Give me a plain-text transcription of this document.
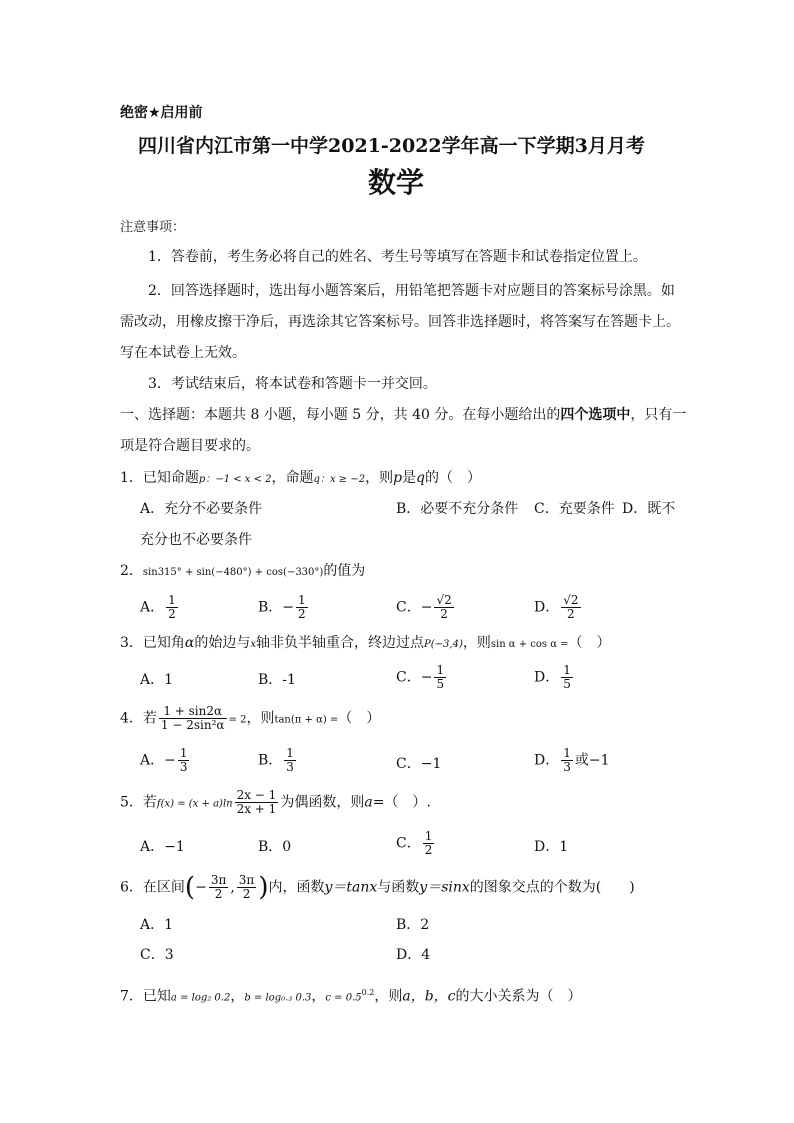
绝密★启用前
四川省内江市第一中学2021-2022学年高一下学期3月月考
数学
注意事项：
1．答卷前，考生务必将自己的姓名、考生号等填写在答题卡和试卷指定位置上。
2．回答选择题时，选出每小题答案后，用铅笔把答题卡对应题目的答案标号涂黑。如
需改动，用橡皮擦干净后，再选涂其它答案标号。回答非选择题时，将答案写在答题卡上。
写在本试卷上无效。
3．考试结束后，将本试卷和答题卡一并交回。
一、选择题：本题共 8 小题，每小题 5 分，共 40 分。在每小题给出的四个选项中，只有一
项是符合题目要求的。
1．已知命题p：−1 < x < 2，命题q：x ≥ −2，则p是q的（　）
A．充分不必要条件	B．必要不充分条件 C．充要条件 D．既不
充分也不必要条件
2．sin315° + sin(−480°) + cos(−330°)的值为
A． $\frac{1}{2}$	B．− $\frac{1}{2}$	C．− $\frac{√2}{2}$	D． $\frac{√2}{2}$
3．已知角α的始边与x轴非负半轴重合，终边过点P(−3,4)，则sin α + cos α =（　）
A．1	B．-1	C．− $\frac{1}{5}$	D． $\frac{1}{5}$
4．若 $\frac{1 + \sin 2\alpha}{\text{1 − 2sin²α}} = 2$，则tan(π + α) =（　）
A．− $\frac{1}{3}$	B． $\frac{1}{3}$	C．−1	D． $\frac{1}{3}$ 或−1
5．若$f(x) = (x + a)\ln \frac{2x - 1}{2x + 1}$ 为偶函数，则a=（　）.
A．−1	B．0	C． $\frac{1}{2}$	D．1
6．在区间(− $\frac{3\pi}{2}$ , $\frac{3\pi}{2}$ )内，函数y＝tanx与函数y＝sinx的图象交点的个数为(　　)
A．1	B．2
C．3	D．4
7．已知a = log₂ 0.2，b = log₀.₃ 0.3，$c = 0.5^{0.2}$，则a，b，c的大小关系为（　）
